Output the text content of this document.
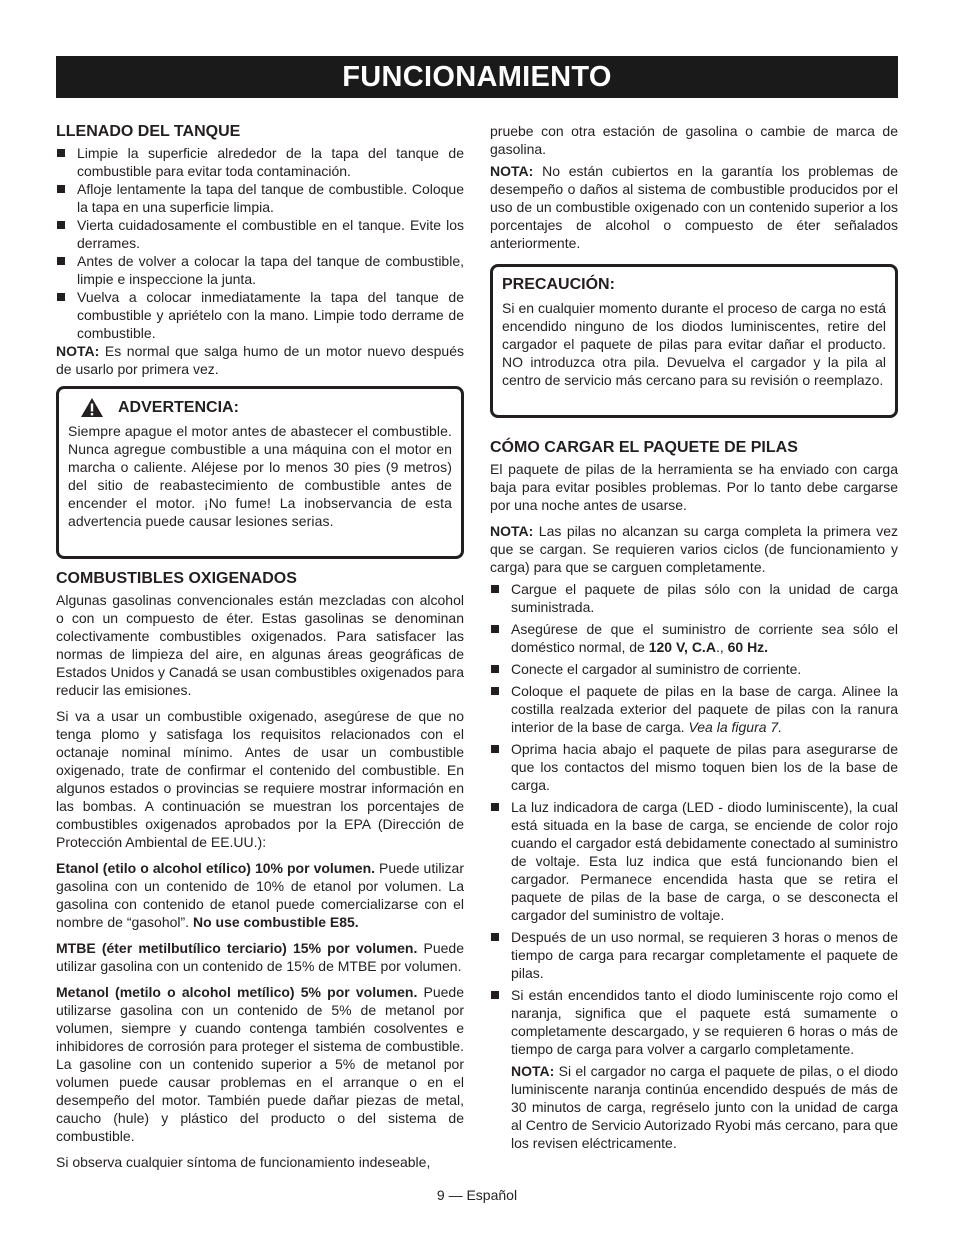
FUNCIONAMIENTO
LLENADO DEL TANQUE
Limpie la superficie alrededor de la tapa del tanque de combustible para evitar toda contaminación.
Afloje lentamente la tapa del tanque de combustible. Coloque la tapa en una superficie limpia.
Vierta cuidadosamente el combustible en el tanque. Evite los derrames.
Antes de volver a colocar la tapa del tanque de combustible, limpie e inspeccione la junta.
Vuelva a colocar inmediatamente la tapa del tanque de combustible y apriételo con la mano. Limpie todo derrame de combustible.

NOTA: Es normal que salga humo de un motor nuevo después de usarlo por primera vez.

ADVERTENCIA:

Siempre apague el motor antes de abastecer el combustible. Nunca agregue combustible a una máquina con el motor en marcha o caliente. Aléjese por lo menos 30 pies (9 metros) del sitio de reabastecimiento de combustible antes de encender el motor. ¡No fume! La inobservancia de esta advertencia puede causar lesiones serias.

COMBUSTIBLES OXIGENADOS

Algunas gasolinas convencionales están mezcladas con alcohol o con un compuesto de éter. Estas gasolinas se denominan colectivamente combustibles oxigenados. Para satisfacer las normas de limpieza del aire, en algunas áreas geográficas de Estados Unidos y Canadá se usan combustibles oxigenados para reducir las emisiones.

Si va a usar un combustible oxigenado, asegúrese de que no tenga plomo y satisfaga los requisitos relacionados con el octanaje nominal mínimo. Antes de usar un combustible oxigenado, trate de confirmar el contenido del combustible. En algunos estados o provincias se requiere mostrar información en las bombas. A continuación se muestran los porcentajes de combustibles oxigenados aprobados por la EPA (Dirección de Protección Ambiental de EE.UU.):

Etanol (etilo o alcohol etílico) 10% por volumen. Puede utilizar gasolina con un contenido de 10% de etanol por volumen. La gasolina con contenido de etanol puede comercializarse con el nombre de “gasohol”. No use combustible E85.

MTBE (éter metilbutílico terciario) 15% por volumen. Puede utilizar gasolina con un contenido de 15% de MTBE por volumen.

Metanol (metilo o alcohol metílico) 5% por volumen. Puede utilizarse gasolina con un contenido de 5% de metanol por volumen, siempre y cuando contenga también cosolventes e inhibidores de corrosión para proteger el sistema de combustible. La gasoline con un contenido superior a 5% de metanol por volumen puede causar problemas en el arranque o en el desempeño del motor. También puede dañar piezas de metal, caucho (hule) y plástico del producto o del sistema de combustible.

Si observa cualquier síntoma de funcionamiento indeseable,

pruebe con otra estación de gasolina o cambie de marca de gasolina.

NOTA: No están cubiertos en la garantía los problemas de desempeño o daños al sistema de combustible producidos por el uso de un combustible oxigenado con un contenido superior a los porcentajes de alcohol o compuesto de éter señalados anteriormente.

PRECAUCIÓN:

Si en cualquier momento durante el proceso de carga no está encendido ninguno de los diodos luminiscentes, retire del cargador el paquete de pilas para evitar dañar el producto. NO introduzca otra pila. Devuelva el cargador y la pila al centro de servicio más cercano para su revisión o reemplazo.

CÓMO CARGAR EL PAQUETE DE PILAS

El paquete de pilas de la herramienta se ha enviado con carga baja para evitar posibles problemas. Por lo tanto debe cargarse por una noche antes de usarse.

NOTA: Las pilas no alcanzan su carga completa la primera vez que se cargan. Se requieren varios ciclos (de funcionamiento y carga) para que se carguen completamente.

Cargue el paquete de pilas sólo con la unidad de carga suministrada.
Asegúrese de que el suministro de corriente sea sólo el doméstico normal, de 120 V, C.A., 60 Hz.
Conecte el cargador al suministro de corriente.
Coloque el paquete de pilas en la base de carga. Alinee la costilla realzada exterior del paquete de pilas con la ranura interior de la base de carga. Vea la figura 7.
Oprima hacia abajo el paquete de pilas para asegurarse de que los contactos del mismo toquen bien los de la base de carga.
La luz indicadora de carga (LED - diodo luminiscente), la cual está situada en la base de carga, se enciende de color rojo cuando el cargador está debidamente conectado al suministro de voltaje. Esta luz indica que está funcionando bien el cargador. Permanece encendida hasta que se retira el paquete de pilas de la base de carga, o se desconecta el cargador del suministro de voltaje.
Después de un uso normal, se requieren 3 horas o menos de tiempo de carga para recargar completamente el paquete de pilas.
Si están encendidos tanto el diodo luminiscente rojo como el naranja, significa que el paquete está sumamente o completamente descargado, y se requieren 6 horas o más de tiempo de carga para volver a cargarlo completamente.
NOTA: Si el cargador no carga el paquete de pilas, o el diodo luminiscente naranja continúa encendido después de más de 30 minutos de carga, regréselo junto con la unidad de carga al Centro de Servicio Autorizado Ryobi más cercano, para que los revisen eléctricamente.
9 — Español
